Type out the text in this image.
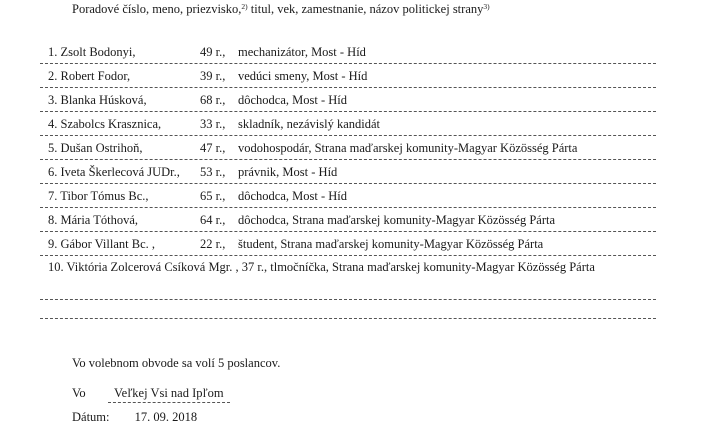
Poradové číslo, meno, priezvisko,$^{2)}$ titul, vek, zamestnanie, názov politickej strany$^{3)}$
1. Zsolt Bodonyi,	49 r., mechanizátor, Most - Híd
2. Robert Fodor,	39 r., vedúci smeny, Most - Híd
3. Blanka Húsková,	68 r., dôchodca, Most - Híd
4. Szabolcs Krasznica,	33 r., skladník, nezávislý kandidát
5. Dušan Ostrihoň,	47 r., vodohospodár, Strana maďarskej komunity-Magyar Közösség Párta
6. Iveta Škerlecová JUDr., 53 r., právnik, Most - Híd
7. Tibor Tómus Bc.,	65 r., dôchodca, Most - Híd
8. Mária Tóthová,	64 r., dôchodca, Strana maďarskej komunity-Magyar Közösség Párta
9. Gábor Villant Bc. ,	22 r., študent, Strana maďarskej komunity-Magyar Közösség Párta
10. Viktória Zolcerová Csíková Mgr. , 37 r., tlmočníčka, Strana maďarskej komunity-Magyar Közösség Párta
Vo volebnom obvode sa volí 5 poslancov.
Vo	Veľkej Vsi nad Ipľom
Dátum: 17. 09. 2018
